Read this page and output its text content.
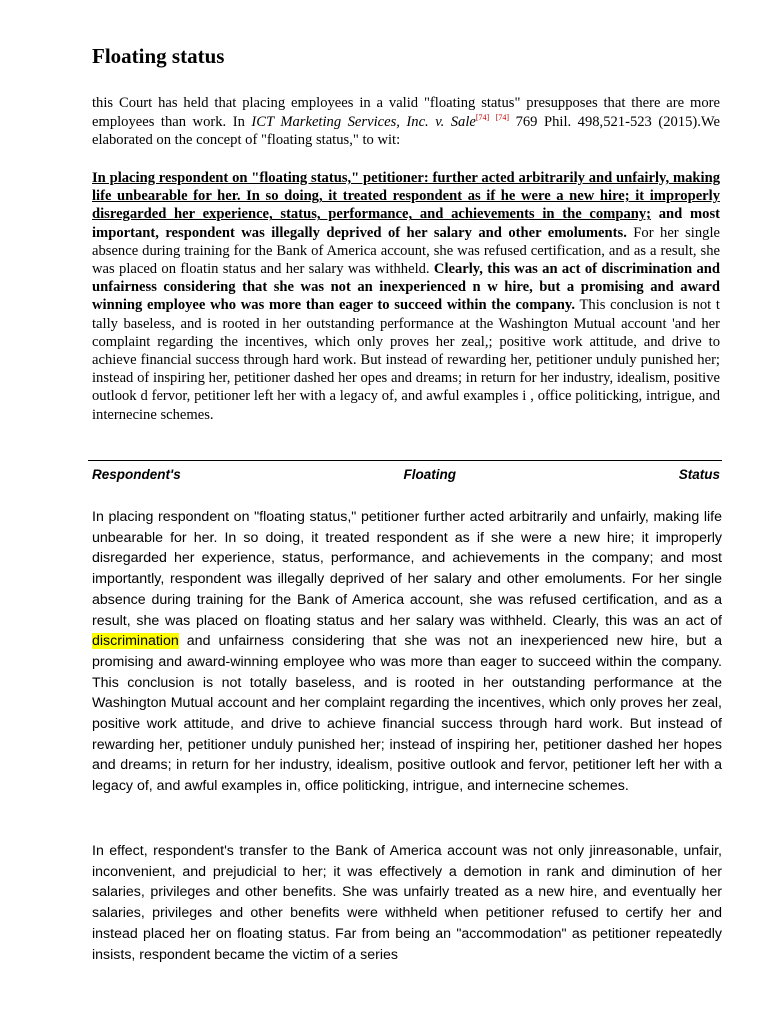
Floating status

this Court has held that placing employees in a valid "floating status" presupposes that there are more employees than work. In ICT Marketing Services, Inc. v. Sale[74] [74] 769 Phil. 498,521-523 (2015).We elaborated on the concept of "floating status," to wit:

In placing respondent on "floating status," petitioner: further acted arbitrarily and unfairly, making life unbearable for her. In so doing, it treated respondent as if he were a new hire; it improperly disregarded her experience, status, performance, and achievements in the company; and most important, respondent was illegally deprived of her salary and other emoluments. For her single absence during training for the Bank of America account, she was refused certification, and as a result, she was placed on floatin status and her salary was withheld. Clearly, this was an act of discrimination and unfairness considering that she was not an inexperienced n w hire, but a promising and award winning employee who was more than eager to succeed within the company. This conclusion is not t tally baseless, and is rooted in her outstanding performance at the Washington Mutual account 'and her complaint regarding the incentives, which only proves her zeal,; positive work attitude, and drive to achieve financial success through hard work. But instead of rewarding her, petitioner unduly punished her; instead of inspiring her, petitioner dashed her opes and dreams; in return for her industry, idealism, positive outlook d fervor, petitioner left her with a legacy of, and awful examples i , office politicking, intrigue, and internecine schemes.

Respondent's	Floating	Status

In placing respondent on "floating status," petitioner further acted arbitrarily and unfairly, making life unbearable for her. In so doing, it treated respondent as if she were a new hire; it improperly disregarded her experience, status, performance, and achievements in the company; and most importantly, respondent was illegally deprived of her salary and other emoluments. For her single absence during training for the Bank of America account, she was refused certification, and as a result, she was placed on floating status and her salary was withheld. Clearly, this was an act of discrimination and unfairness considering that she was not an inexperienced new hire, but a promising and award-winning employee who was more than eager to succeed within the company. This conclusion is not totally baseless, and is rooted in her outstanding performance at the Washington Mutual account and her complaint regarding the incentives, which only proves her zeal, positive work attitude, and drive to achieve financial success through hard work. But instead of rewarding her, petitioner unduly punished her; instead of inspiring her, petitioner dashed her hopes and dreams; in return for her industry, idealism, positive outlook and fervor, petitioner left her with a legacy of, and awful examples in, office politicking, intrigue, and internecine schemes.

In effect, respondent's transfer to the Bank of America account was not only jinreasonable, unfair, inconvenient, and prejudicial to her; it was effectively a demotion in rank and diminution of her salaries, privileges and other benefits. She was unfairly treated as a new hire, and eventually her salaries, privileges and other benefits were withheld when petitioner refused to certify her and instead placed her on floating status. Far from being an "accommodation" as petitioner repeatedly insists, respondent became the victim of a series
